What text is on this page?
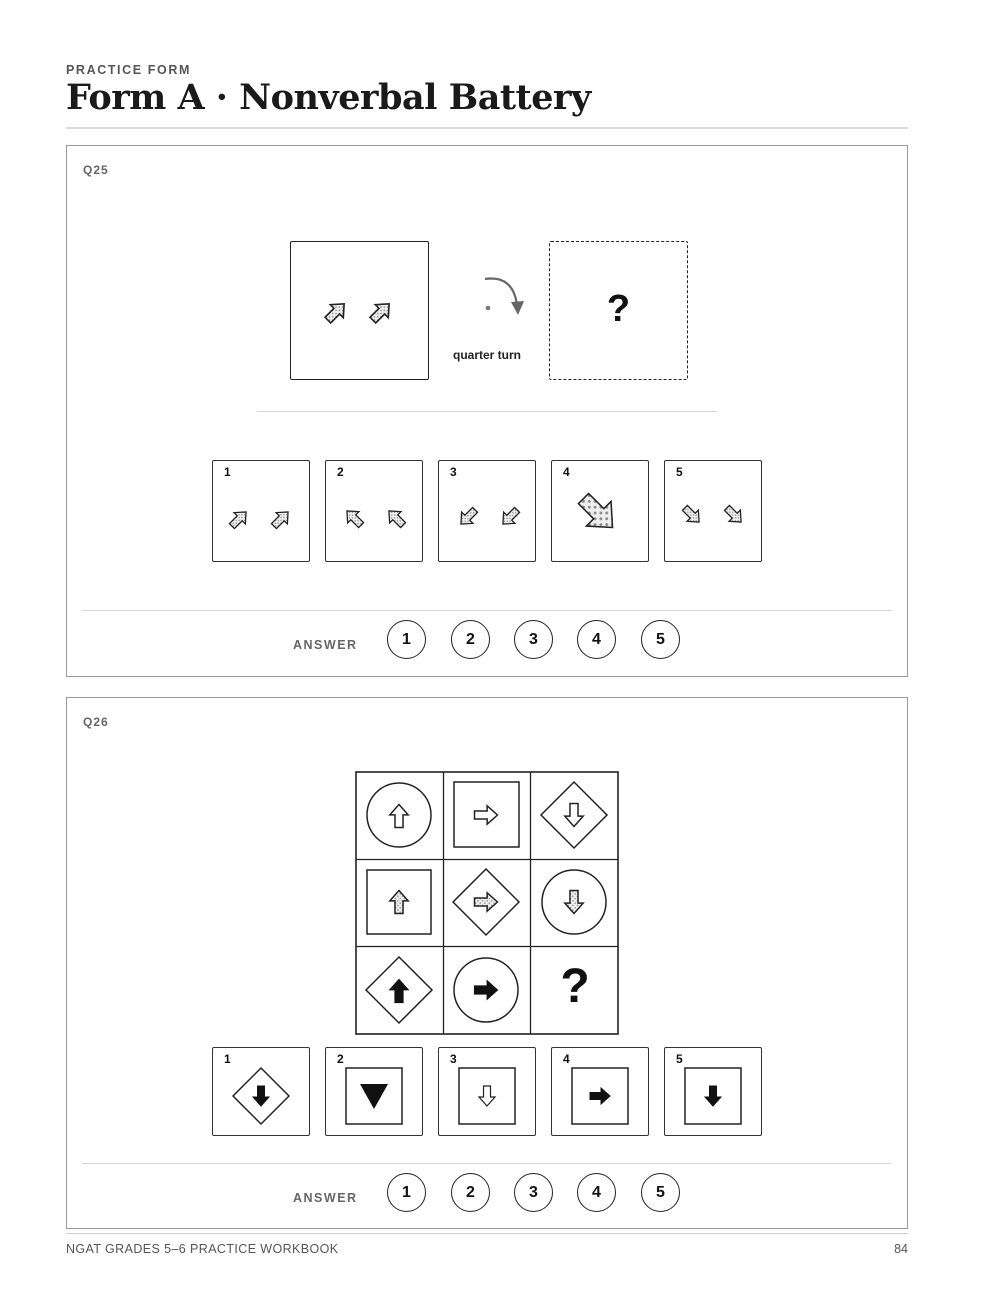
PRACTICE FORM
Form A · Nonverbal Battery
Q25
quarter turn
?
1	2	3	4	5
ANSWER	1	2	3	4	5
Q26
?
1	2	3	4	5
ANSWER	1	2	3	4	5
NGAT GRADES 5–6 PRACTICE WORKBOOK	84
